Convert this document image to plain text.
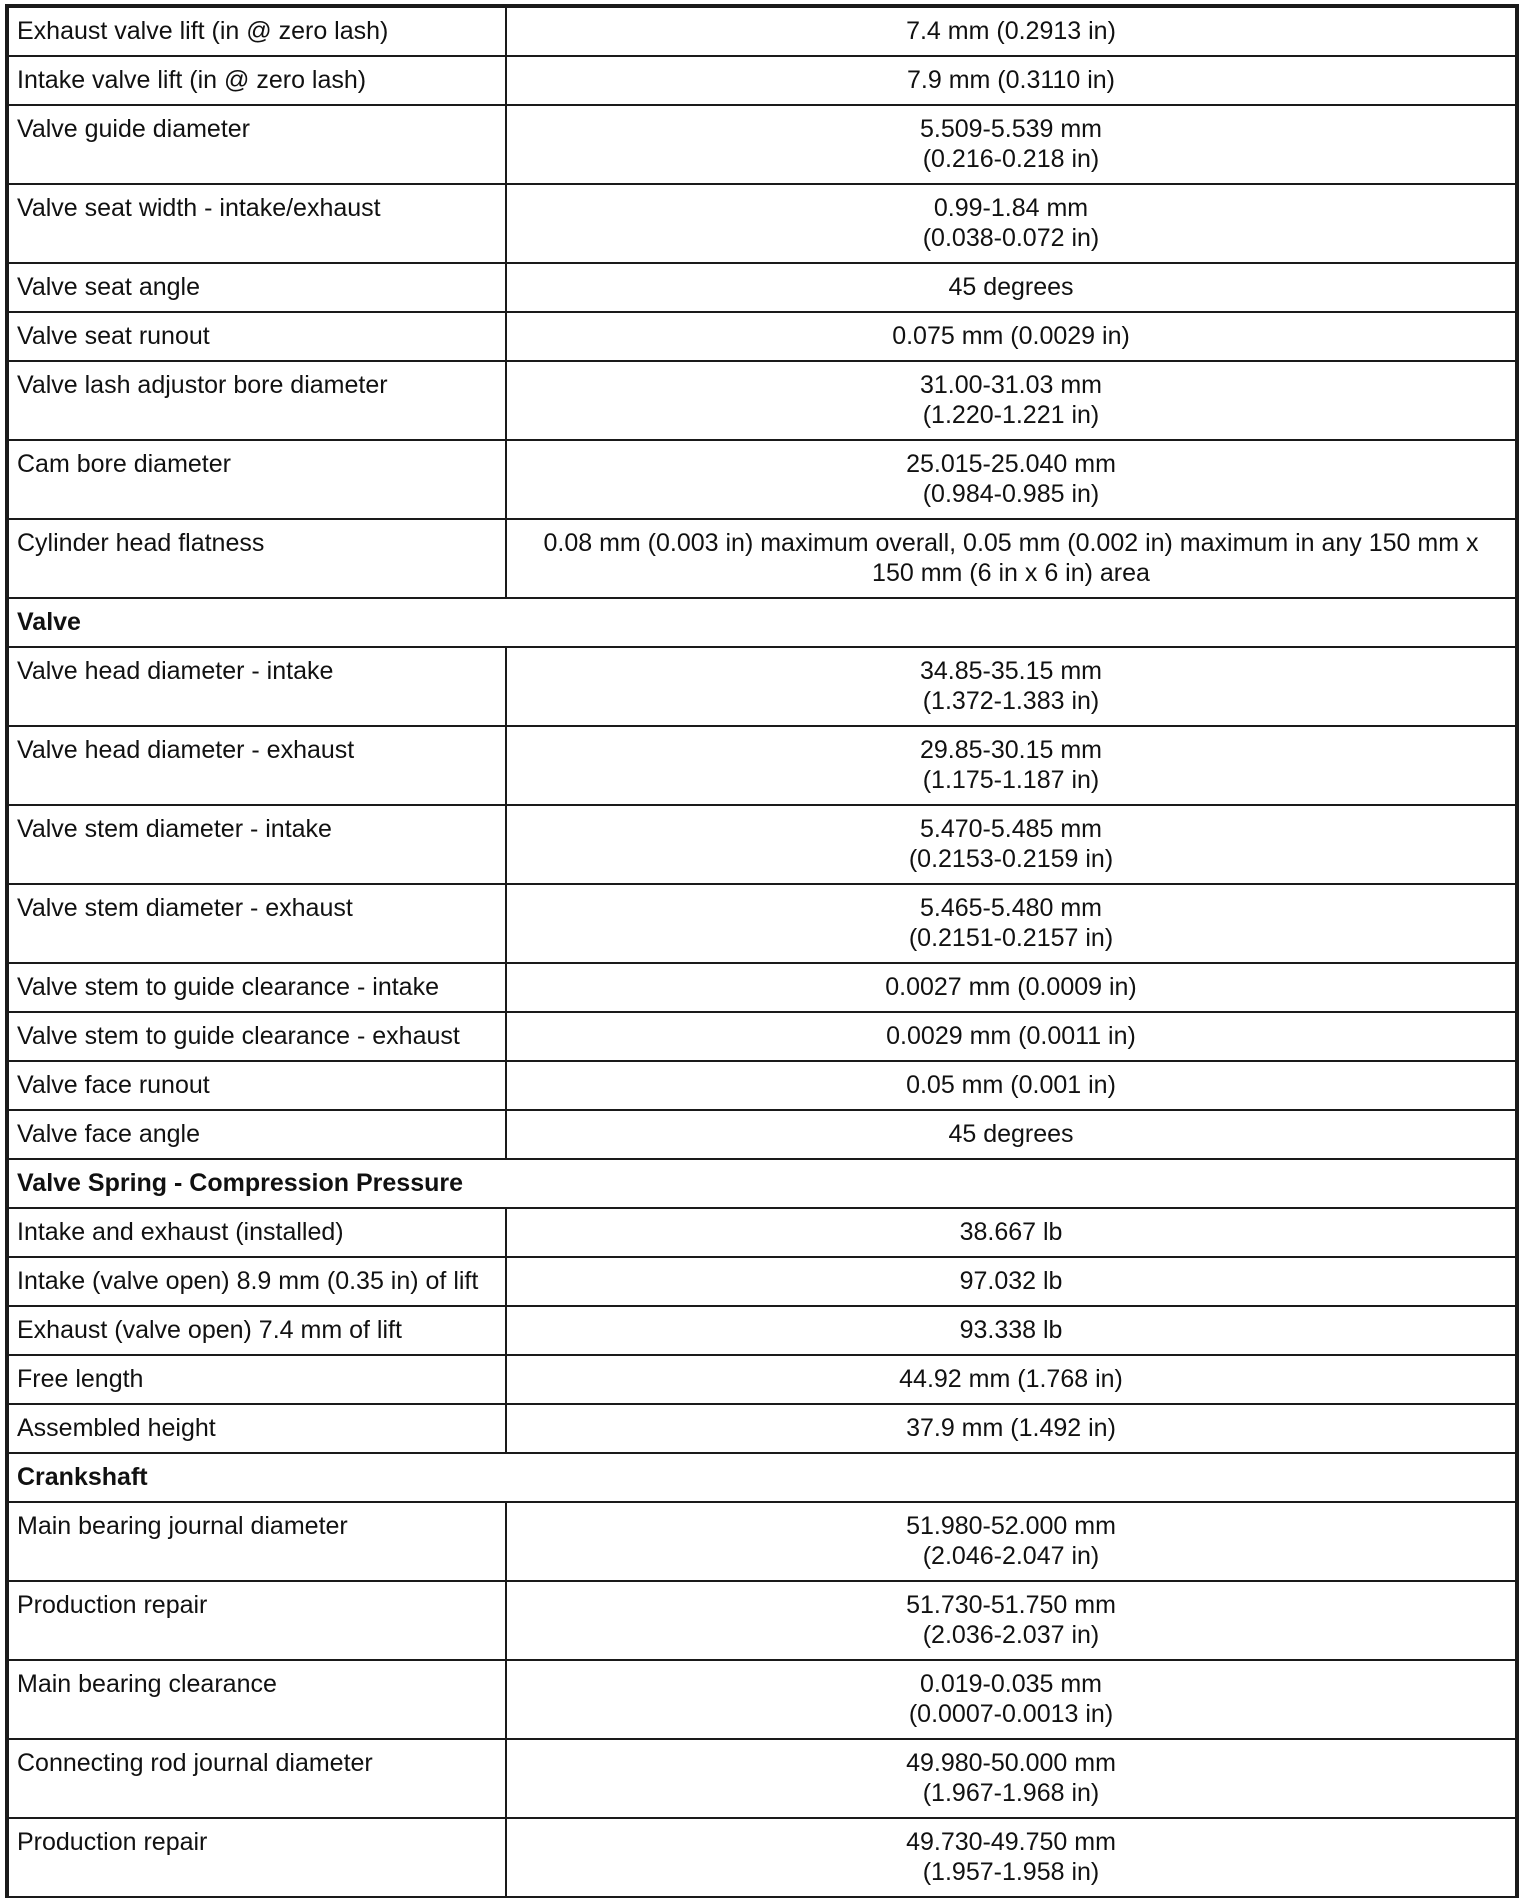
Exhaust valve lift (in @ zero lash)	7.4 mm (0.2913 in)

Intake valve lift (in @ zero lash)	7.9 mm (0.3110 in)

Valve guide diameter	5.509-5.539 mm
(0.216-0.218 in)

Valve seat width - intake/exhaust	0.99-1.84 mm
(0.038-0.072 in)

Valve seat angle	45 degrees

Valve seat runout	0.075 mm (0.0029 in)

Valve lash adjustor bore diameter	31.00-31.03 mm
(1.220-1.221 in)

Cam bore diameter	25.015-25.040 mm
(0.984-0.985 in)

Cylinder head flatness	0.08 mm (0.003 in) maximum overall, 0.05 mm (0.002 in) maximum in any 150 mm x
150 mm (6 in x 6 in) area

Valve	
Valve head diameter - intake	34.85-35.15 mm
(1.372-1.383 in)

Valve head diameter - exhaust	29.85-30.15 mm
(1.175-1.187 in)

Valve stem diameter - intake	5.470-5.485 mm
(0.2153-0.2159 in)

Valve stem diameter - exhaust	5.465-5.480 mm
(0.2151-0.2157 in)

Valve stem to guide clearance - intake	0.0027 mm (0.0009 in)

Valve stem to guide clearance - exhaust	0.0029 mm (0.0011 in)

Valve face runout	0.05 mm (0.001 in)

Valve face angle	45 degrees

Valve Spring - Compression Pressure	
Intake and exhaust (installed)	38.667 lb

Intake (valve open) 8.9 mm (0.35 in) of lift	97.032 lb

Exhaust (valve open) 7.4 mm of lift	93.338 lb

Free length	44.92 mm (1.768 in)

Assembled height	37.9 mm (1.492 in)

Crankshaft	
Main bearing journal diameter	51.980-52.000 mm
(2.046-2.047 in)

Production repair	51.730-51.750 mm
(2.036-2.037 in)

Main bearing clearance	0.019-0.035 mm
(0.0007-0.0013 in)

Connecting rod journal diameter	49.980-50.000 mm
(1.967-1.968 in)

Production repair	49.730-49.750 mm
(1.957-1.958 in)
